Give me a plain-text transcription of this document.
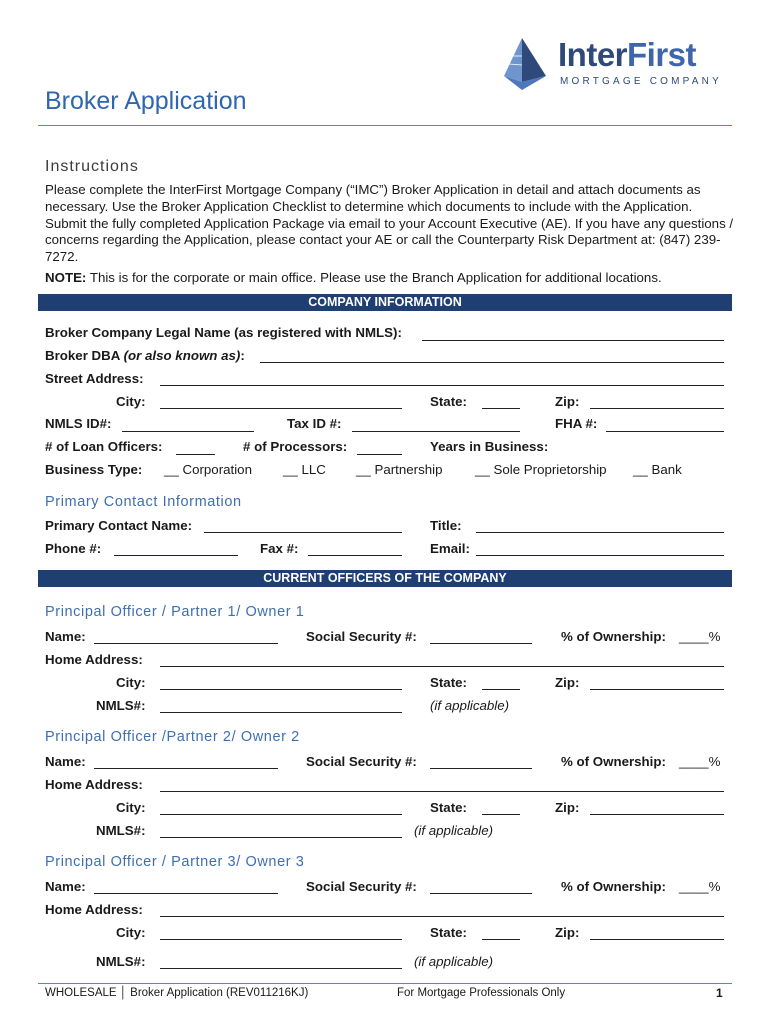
InterFirst
MORTGAGE COMPANY
Broker Application
Instructions
Please complete the InterFirst Mortgage Company (“IMC”) Broker Application in detail and attach documents as necessary. Use the Broker Application Checklist to determine which documents to include with the Application. Submit the fully completed Application Package via email to your Account Executive (AE). If you have any questions / concerns regarding the Application, please contact your AE or call the Counterparty Risk Department at: (847) 239-7272.
NOTE: This is for the corporate or main office. Please use the Branch Application for additional locations.
COMPANY INFORMATION
Broker Company Legal Name (as registered with NMLS):
Broker DBA (or also known as):
Street Address:
City:	State:	Zip:
NMLS ID#:	Tax ID #:	FHA #:
# of Loan Officers:	# of Processors:	Years in Business:
Business Type: __ Corporation __ LLC __ Partnership __ Sole Proprietorship __ Bank
Primary Contact Information
Primary Contact Name:	Title:
Phone #:	Fax #:	Email:
CURRENT OFFICERS OF THE COMPANY
Principal Officer / Partner 1/ Owner 1
Name:	Social Security #:	% of Ownership: ____%
Home Address:
City:	State:	Zip:
NMLS#:	(if applicable)
Principal Officer /Partner 2/ Owner 2
Name:	Social Security #:	% of Ownership: ____%
Home Address:
City:	State:	Zip:
NMLS#:	(if applicable)
Principal Officer / Partner 3/ Owner 3
Name:	Social Security #:	% of Ownership: ____%
Home Address:
City:	State:	Zip:
NMLS#:	(if applicable)
WHOLESALE │ Broker Application (REV011216KJ)	For Mortgage Professionals Only	1
